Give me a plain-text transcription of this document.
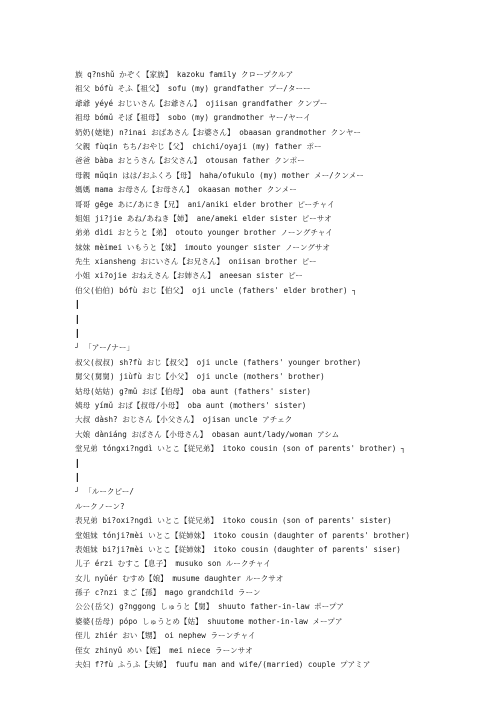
族 q?nshǔ かぞく【家族】 kazoku family クロープクルア
祖父 bófù そふ【祖父】 sofu (my) grandfather プー/ターー
爺爺 yéyé おじいさん【お爺さん】 ojiisan grandfather クンプー
祖母 bómǔ そぼ【祖母】 sobo (my) grandmother ヤー/ヤーイ
奶奶(姥姥) n?inai おばあさん【お婆さん】 obaasan grandmother クンヤー
父親 fùqin ちち/おやじ【父】 chichi/oyaji (my) father ポー
爸爸 bàba おとうさん【お父さん】 otousan father クンポー
母親 mǔqin はは/おふくろ【母】 haha/ofukulo (my) mother メー/クンメー
媽媽 mama お母さん【お母さん】 okaasan mother クンメー
哥哥 gēge あに/あにき【兄】 ani/aniki elder brother ピーチャイ
姐姐 ji?jie あね/あねき【姉】 ane/ameki elder sister ピーサオ
弟弟 dìdi おとうと【弟】 otouto younger brother ノーングチャイ
妹妹 mèimei いもうと【妹】 imouto younger sister ノーングサオ
先生 xiansheng おにいさん【お兄さん】 oniisan brother ピー
小姐 xi?ojie おねえさん【お姉さん】 aneesan sister ピー
伯父(伯伯) bófù おじ【伯父】 oji uncle (fathers' elder brother) ┐
┃
┃
┃
┘ 「アー/ナー」
叔父(叔叔) sh?fù おじ【叔父】 oji uncle (fathers' younger brother)
舅父(舅舅) jiùfù おじ【小父】 oji uncle (mothers' brother)
姑母(姑姑) g?mǔ おば【伯母】 oba aunt (fathers' sister)
姨母 yímǔ おば【叔母/小母】 oba aunt (mothers' sister)
大叔 dàsh? おじさん【小父さん】 ojisan uncle アチェク
大娘 dàniáng おばさん【小母さん】 obasan aunt/lady/woman アシム
堂兄弟 tóngxi?ngdì いとこ【従兄弟】 itoko cousin (son of parents' brother) ┐
┃
┃
┘ 「ルークピー/
ルークノーン?
表兄弟 bi?oxi?ngdì いとこ【従兄弟】 itoko cousin (son of parents' sister)
堂姐妹 tónji?mèi いとこ【従姉妹】 itoko cousin (daughter of parents' brother)
表姐妹 bi?ji?mèi いとこ【従姉妹】 itoko cousin (daughter of parents' siser)
儿子 érzi むすこ【息子】 musuko son ルークチャイ
女儿 nyǔér むすめ【娘】 musume daughter ルークサオ
孫子 c?nzi まご【孫】 mago grandchild ラーン
公公(岳父) g?nggong しゅうと【舅】 shuuto father-in-law ポープア
婆婆(岳母) pópo しゅうとめ【姑】 shuutome mother-in-law メープア
侄儿 zhiér おい【甥】 oi nephew ラーンチャイ
侄女 zhinyǔ めい【姪】 mei niece ラーンサオ
夫妇 f?fù ふうふ【夫婦】 fuufu man and wife/(married) couple プアミア
